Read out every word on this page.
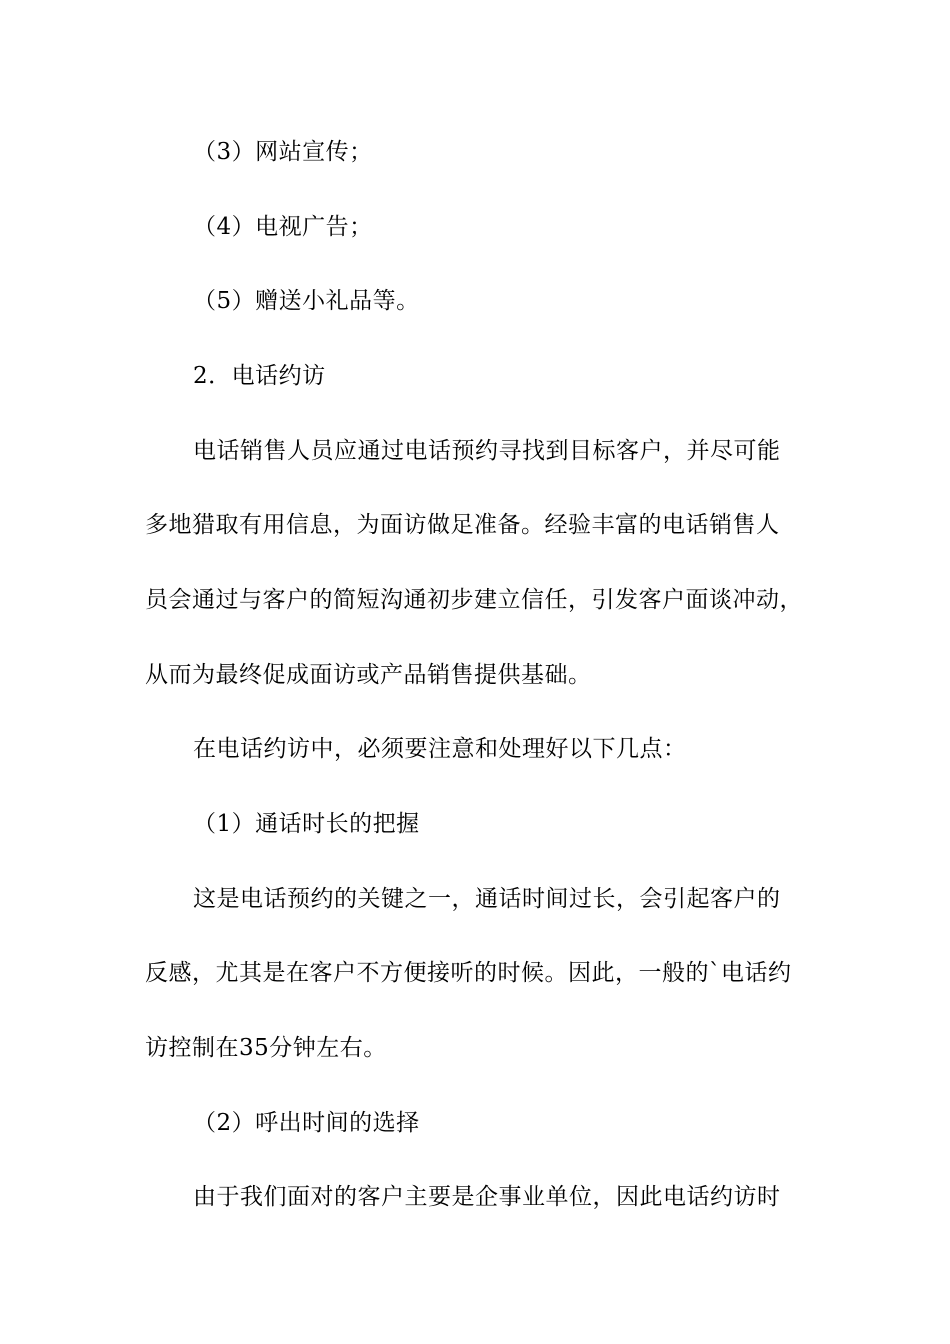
（3）网站宣传；
（4）电视广告；
（5）赠送小礼品等。
2．电话约访
电话销售人员应通过电话预约寻找到目标客户，并尽可能
多地猎取有用信息，为面访做足准备。经验丰富的电话销售人
员会通过与客户的简短沟通初步建立信任，引发客户面谈冲动，
从而为最终促成面访或产品销售提供基础。
在电话约访中，必须要注意和处理好以下几点：
（1）通话时长的把握
这是电话预约的关键之一，通话时间过长，会引起客户的
反感，尤其是在客户不方便接听的时候。因此，一般的`电话约
访控制在35分钟左右。
（2）呼出时间的选择
由于我们面对的客户主要是企事业单位，因此电话约访时
